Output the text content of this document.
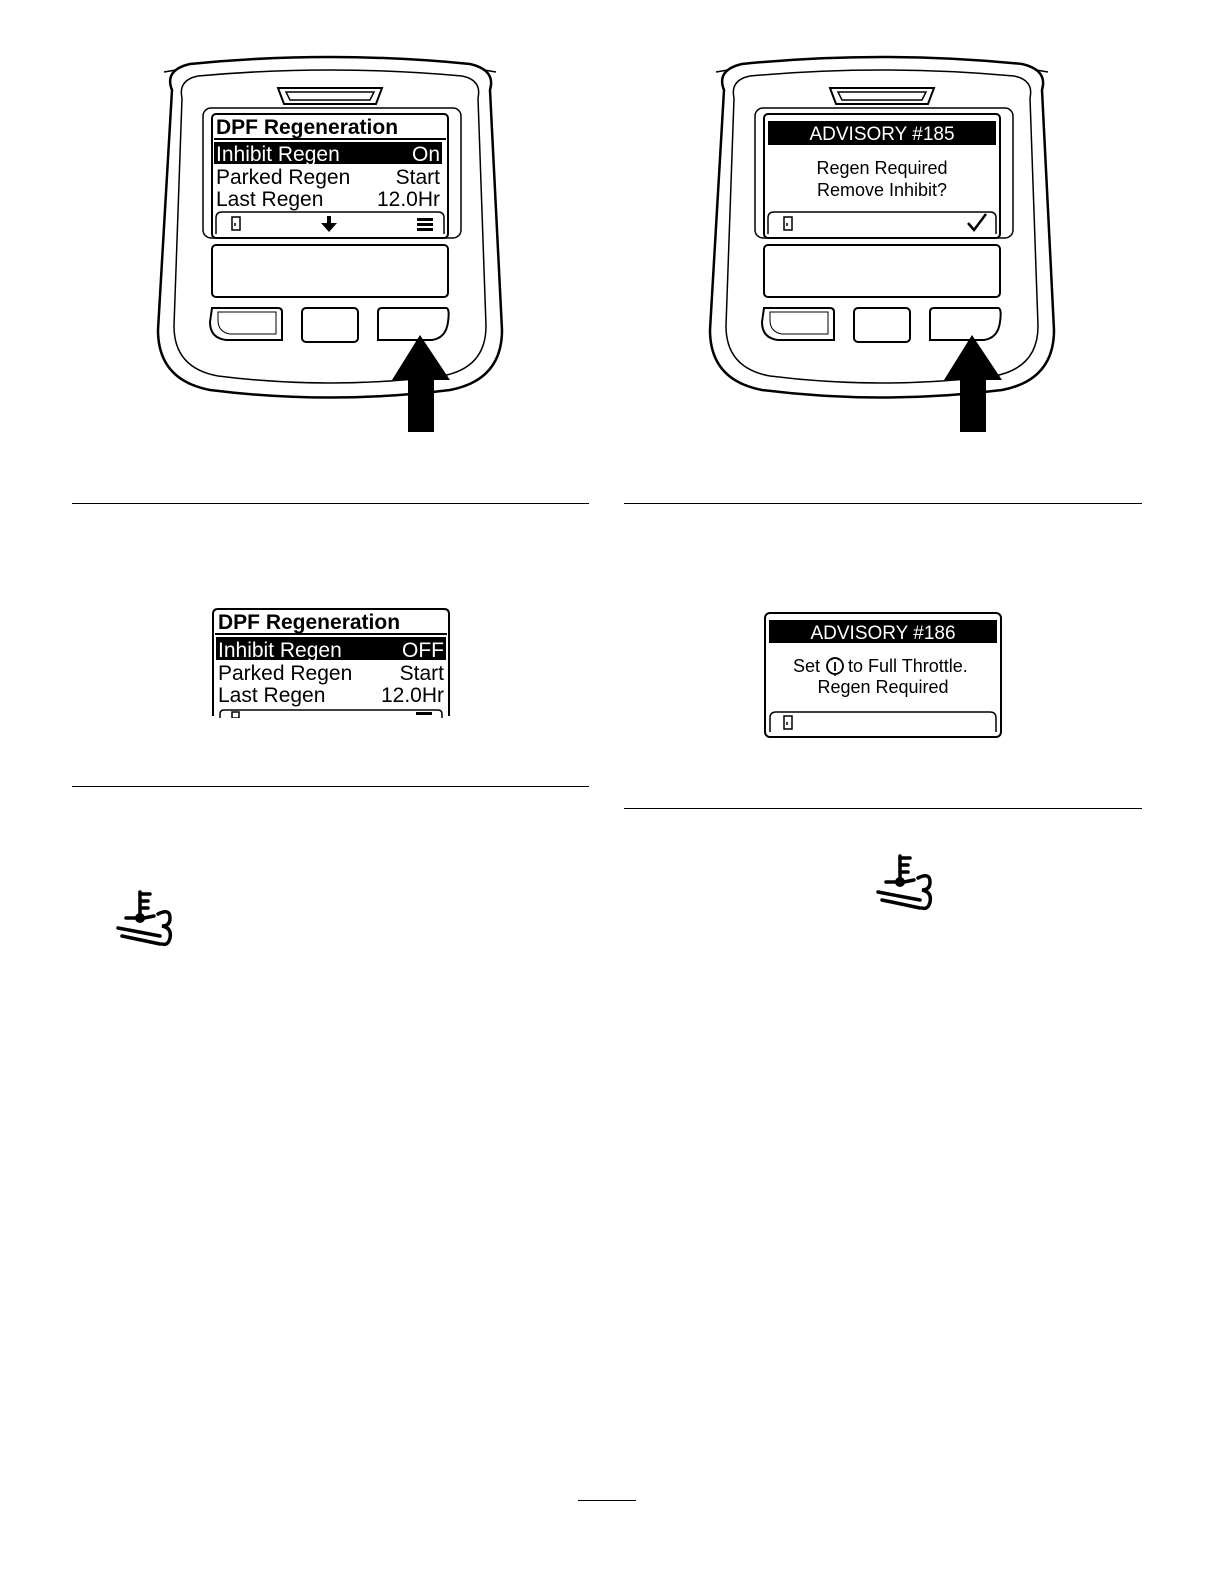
DPF Regeneration
Inhibit Regen	On
Parked Regen Start
Last Regen	12.0Hr
ADVISORY #185
Regen Required
Remove Inhibit?
DPF Regeneration
Inhibit Regen	OFF
Parked Regen Start
Last Regen	12.0Hr
ADVISORY #186
Set to Full Throttle.
Regen Required
